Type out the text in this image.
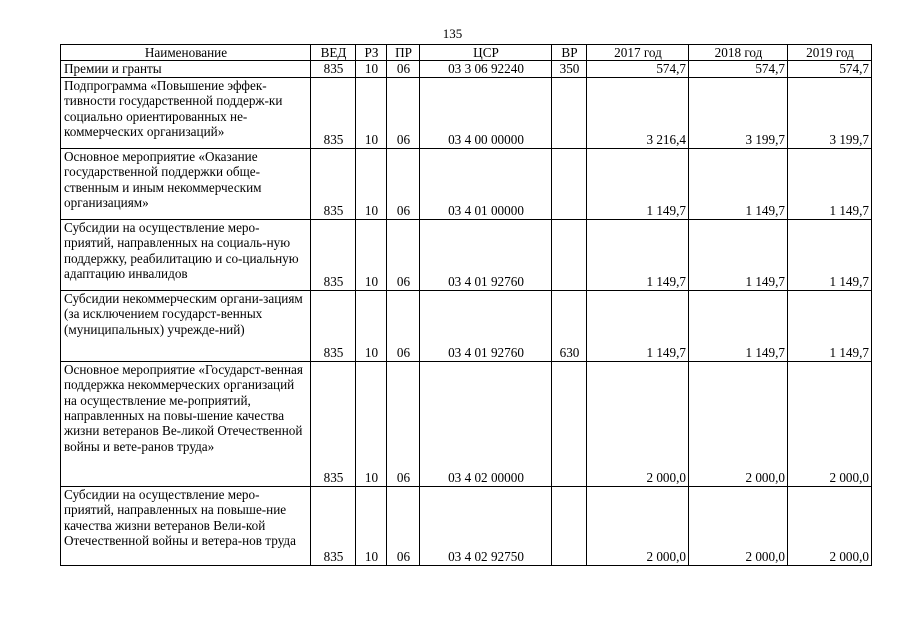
135
Наименование	ВЕД	РЗ	ПР	ЦСР	ВР	2017 год	2018 год	2019 год
Премии и гранты	835	10	06	03 3 06 92240	350	574,7	574,7	574,7
Подпрограмма «Повышение эффек-тивности государственной поддерж-ки социально ориентированных не-коммерческих организаций»	835	10	06	03 4 00 00000		3 216,4	3 199,7	3 199,7
Основное мероприятие «Оказание государственной поддержки обще-ственным и иным некоммерческим организациям»	835	10	06	03 4 01 00000		1 149,7	1 149,7	1 149,7
Субсидии на осуществление меро-приятий, направленных на социаль-ную поддержку, реабилитацию и со-циальную адаптацию инвалидов	835	10	06	03 4 01 92760		1 149,7	1 149,7	1 149,7
Субсидии некоммерческим органи-зациям (за исключением государст-венных (муниципальных) учрежде-ний)	835	10	06	03 4 01 92760	630	1 149,7	1 149,7	1 149,7
Основное мероприятие «Государст-венная поддержка некоммерческих организаций на осуществление ме-роприятий, направленных на повы-шение качества жизни ветеранов Ве-ликой Отечественной войны и вете-ранов труда»	835	10	06	03 4 02 00000		2 000,0	2 000,0	2 000,0
Субсидии на осуществление меро-приятий, направленных на повыше-ние качества жизни ветеранов Вели-кой Отечественной войны и ветера-нов труда	835	10	06	03 4 02 92750		2 000,0	2 000,0	2 000,0
